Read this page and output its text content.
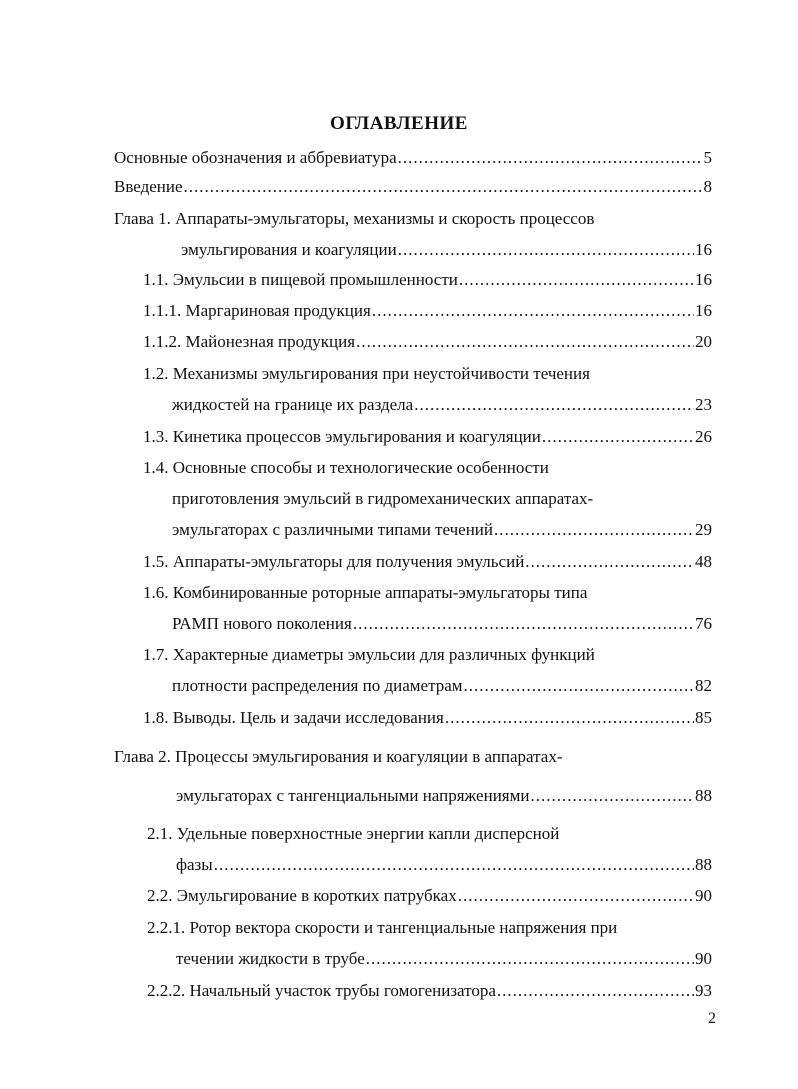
ОГЛАВЛЕНИЕ
Основные обозначения и аббревиатура .....	5
Введение .....	8
Глава 1. Аппараты-эмульгаторы, механизмы и скорость процессов
эмульгирования и коагуляции .....	16
1.1. Эмульсии в пищевой промышленности .....	16
1.1.1. Маргариновая продукция .....	16
1.1.2. Майонезная продукция .....	20
1.2. Механизмы эмульгирования при неустойчивости течения
жидкостей на границе их раздела .....	23
1.3. Кинетика процессов эмульгирования и коагуляции .....	26
1.4. Основные способы и технологические особенности
приготовления эмульсий в гидромеханических аппаратах-
эмульгаторах с различными типами течений .....	29
1.5. Аппараты-эмульгаторы для получения эмульсий .....	48
1.6. Комбинированные роторные аппараты-эмульгаторы типа
РАМП нового поколения .....	76
1.7. Характерные диаметры эмульсии для различных функций
плотности распределения по диаметрам .....	82
1.8. Выводы. Цель и задачи исследования .....	85
Глава 2. Процессы эмульгирования и коагуляции в аппаратах-
эмульгаторах с тангенциальными напряжениями .....	88
2.1. Удельные поверхностные энергии капли дисперсной
фазы .....	88
2.2. Эмульгирование в коротких патрубках .....	90
2.2.1. Ротор вектора скорости и тангенциальные напряжения при
течении жидкости в трубе .....	90
2.2.2. Начальный участок трубы гомогенизатора .....	93
2
